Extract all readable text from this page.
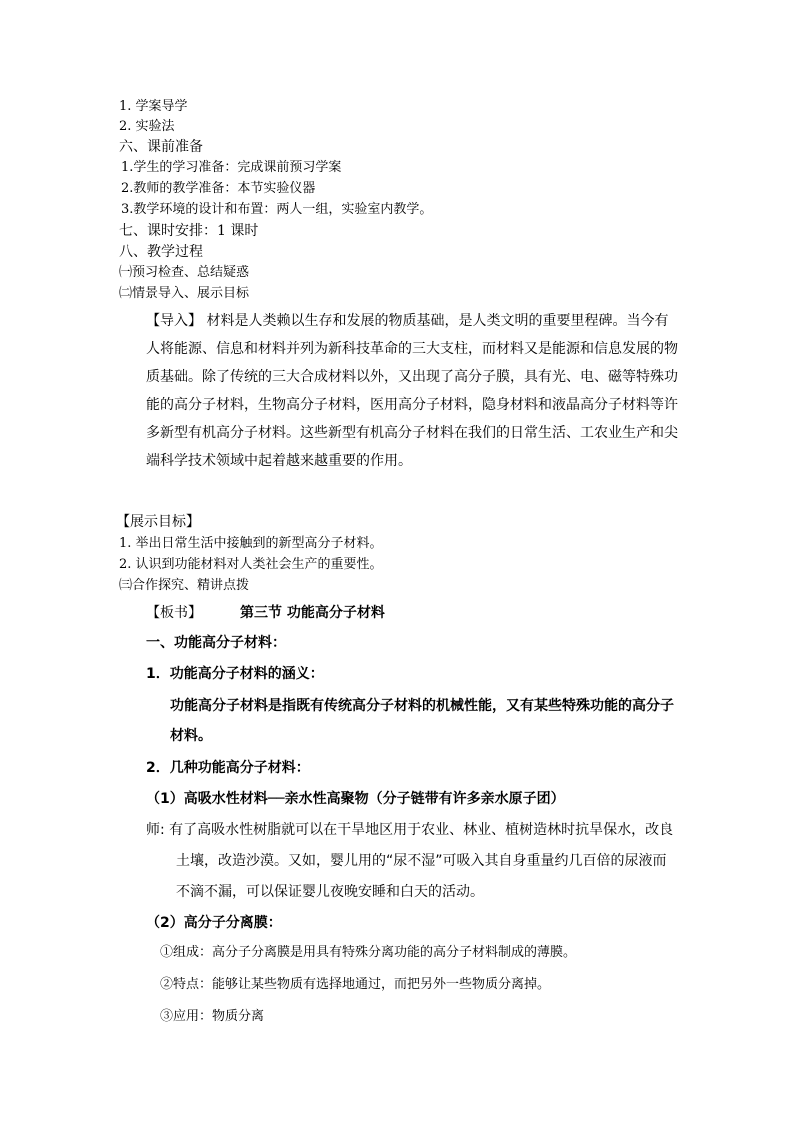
1. 学案导学
2. 实验法
六、课前准备
1.学生的学习准备：完成课前预习学案
2.教师的教学准备：本节实验仪器
3.教学环境的设计和布置：两人一组，实验室内教学。
七、课时安排：1 课时
八、教学过程
㈠预习检查、总结疑惑
㈡情景导入、展示目标
【导入】 材料是人类赖以生存和发展的物质基础，是人类文明的重要里程碑。当今有
人将能源、信息和材料并列为新科技革命的三大支柱，而材料又是能源和信息发展的物
质基础。除了传统的三大合成材料以外，又出现了高分子膜，具有光、电、磁等特殊功
能的高分子材料，生物高分子材料，医用高分子材料，隐身材料和液晶高分子材料等许
多新型有机高分子材料。这些新型有机高分子材料在我们的日常生活、工农业生产和尖
端科学技术领域中起着越来越重要的作用。
【展示目标】
1. 举出日常生活中接触到的新型高分子材料。
2. 认识到功能材料对人类社会生产的重要性。
㈢合作探究、精讲点拨
【板书】	第三节 功能高分子材料
一、功能高分子材料：
1．功能高分子材料的涵义：
功能高分子材料是指既有传统高分子材料的机械性能，又有某些特殊功能的高分子
材料。
2．几种功能高分子材料：
（1）高吸水性材料──亲水性高聚物（分子链带有许多亲水原子团）
师: 有了高吸水性树脂就可以在干旱地区用于农业、林业、植树造林时抗旱保水，改良
土壤，改造沙漠。又如，婴儿用的“尿不湿”可吸入其自身重量约几百倍的尿液而
不滴不漏，可以保证婴儿夜晚安睡和白天的活动。
（2）高分子分离膜：
①组成：高分子分离膜是用具有特殊分离功能的高分子材料制成的薄膜。
②特点：能够让某些物质有选择地通过，而把另外一些物质分离掉。
③应用：物质分离
